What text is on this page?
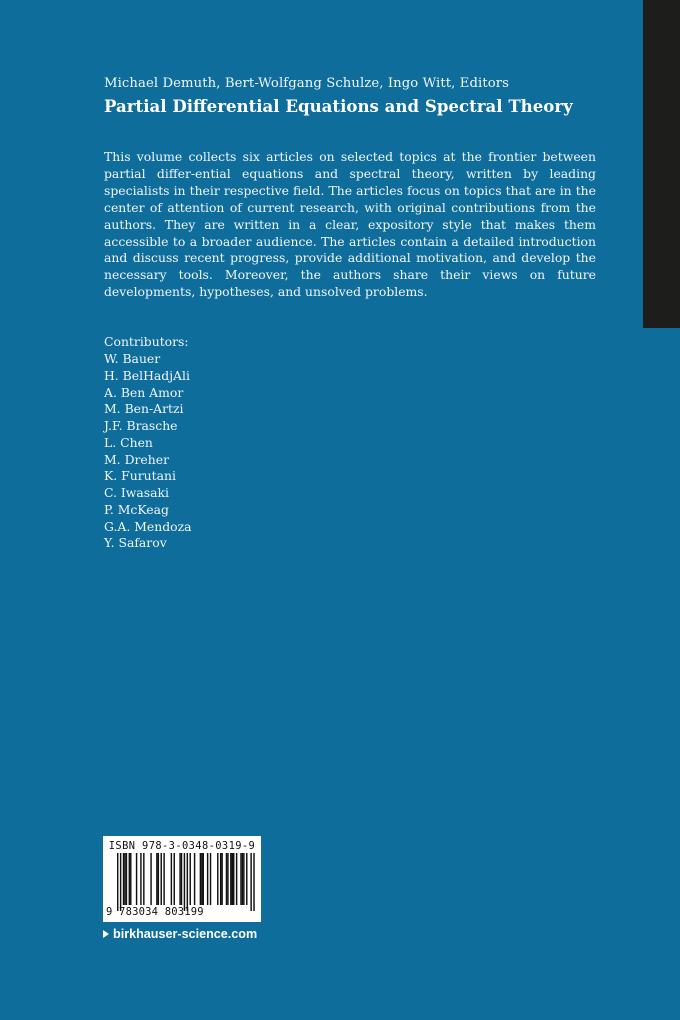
Michael Demuth, Bert-Wolfgang Schulze, Ingo Witt, Editors
Partial Differential Equations and Spectral Theory
This volume collects six articles on selected topics at the frontier between partial differ-ential equations and spectral theory, written by leading specialists in their respective field. The articles focus on topics that are in the center of attention of current research, with original contributions from the authors. They are written in a clear, expository style that makes them accessible to a broader audience. The articles contain a detailed introduction and discuss recent progress, provide additional motivation, and develop the necessary tools. Moreover, the authors share their views on future developments, hypotheses, and unsolved problems.
Contributors:
W. Bauer
H. BelHadjAli
A. Ben Amor
M. Ben-Artzi
J.F. Brasche
L. Chen
M. Dreher
K. Furutani
C. Iwasaki
P. McKeag
G.A. Mendoza
Y. Safarov
ISBN 978-3-0348-0319-9
9 783034 803199
birkhauser-science.com
